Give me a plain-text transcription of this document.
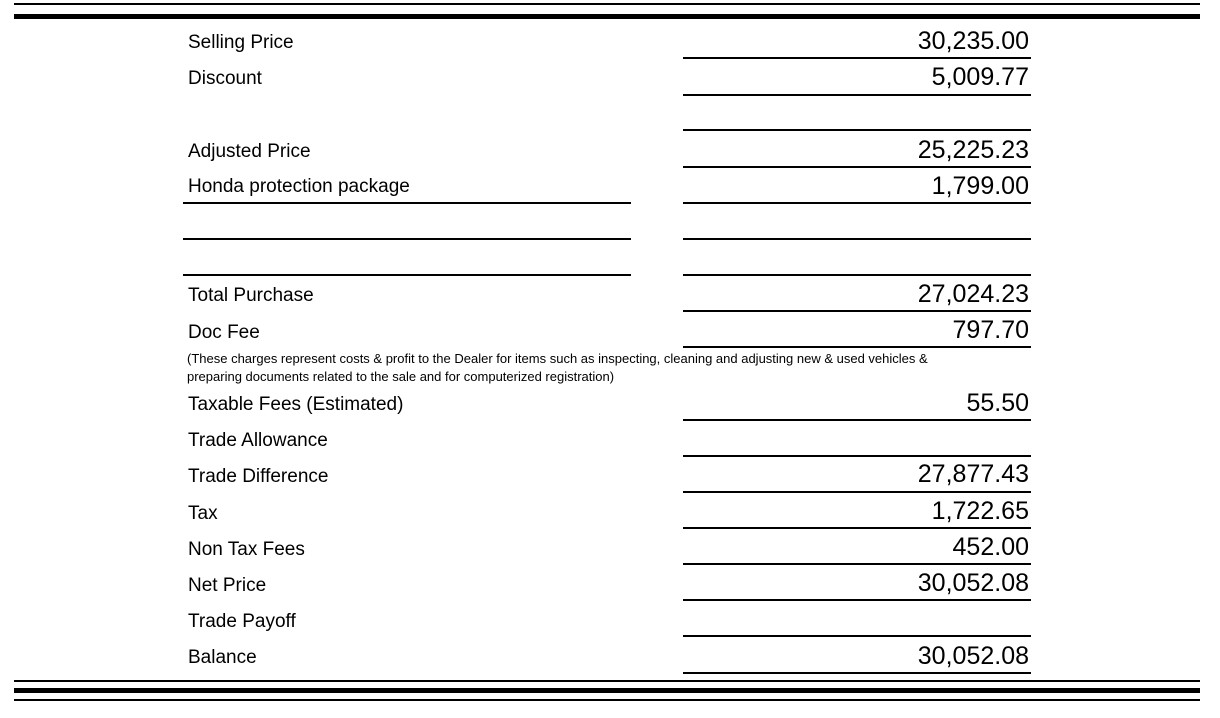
Selling Price	30,235.00
Discount	5,009.77
Adjusted Price	25,225.23
Honda protection package	1,799.00
Total Purchase	27,024.23
Doc Fee	797.70
(These charges represent costs & profit to the Dealer for items such as inspecting, cleaning and adjusting new & used vehicles &
preparing documents related to the sale and for computerized registration)
Taxable Fees (Estimated)	55.50
Trade Allowance
Trade Difference	27,877.43
Tax	1,722.65
Non Tax Fees	452.00
Net Price	30,052.08
Trade Payoff
Balance	30,052.08
